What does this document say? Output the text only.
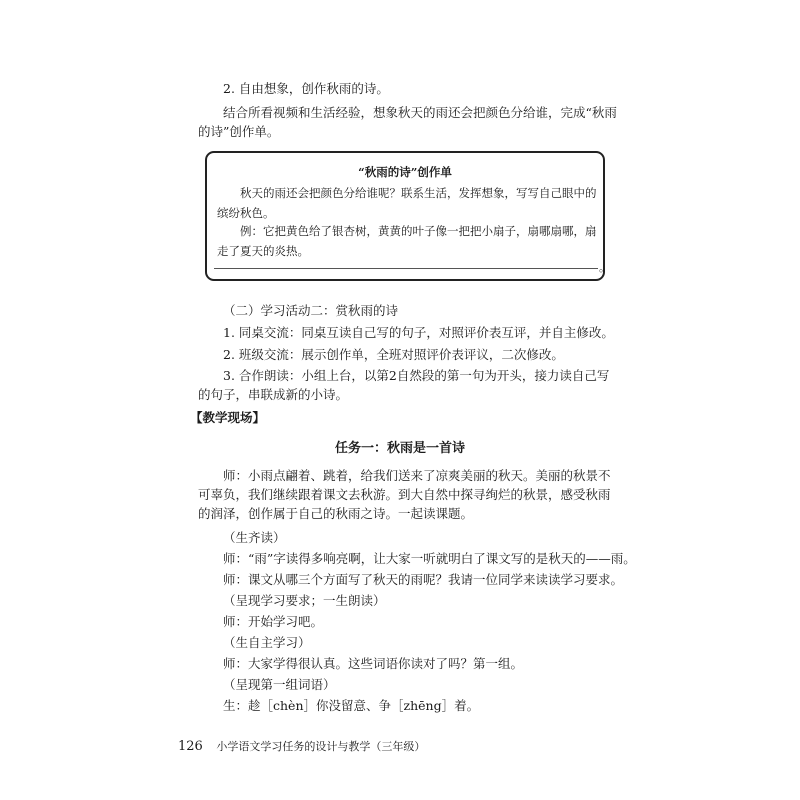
2. 自由想象，创作秋雨的诗。

结合所看视频和生活经验，想象秋天的雨还会把颜色分给谁，完成“秋雨的诗”创作单。

“秋雨的诗”创作单

秋天的雨还会把颜色分给谁呢？联系生活，发挥想象，写写自己眼中的缤纷秋色。

例：它把黄色给了银杏树，黄黄的叶子像一把把小扇子，扇哪扇哪，扇走了夏天的炎热。

。

（二）学习活动二：赏秋雨的诗

1. 同桌交流：同桌互读自己写的句子，对照评价表互评，并自主修改。

2. 班级交流：展示创作单，全班对照评价表评议，二次修改。

3. 合作朗读：小组上台，以第2自然段的第一句为开头，接力读自己写的句子，串联成新的小诗。

【教学现场】

任务一：秋雨是一首诗

师：小雨点翩着、跳着，给我们送来了凉爽美丽的秋天。美丽的秋景不可辜负，我们继续跟着课文去秋游。到大自然中探寻绚烂的秋景，感受秋雨的润泽，创作属于自己的秋雨之诗。一起读课题。

（生齐读）

师：“雨”字读得多响亮啊，让大家一听就明白了课文写的是秋天的——雨。

师：课文从哪三个方面写了秋天的雨呢？我请一位同学来读读学习要求。

（呈现学习要求；一生朗读）

师：开始学习吧。

（生自主学习）

师：大家学得很认真。这些词语你读对了吗？第一组。

（呈现第一组词语）

生：趁［chèn］你没留意、争［zhēng］着。

126 小学语文学习任务的设计与教学（三年级）
